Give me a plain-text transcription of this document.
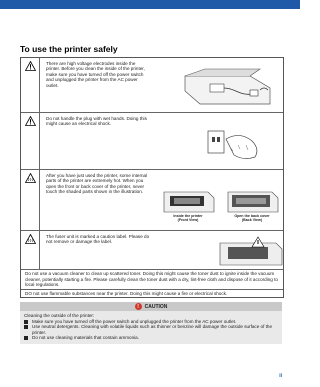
To use the printer safely
There are high voltage electrodes inside the printer. Before you clean the inside of the printer, make sure you have turned off the power switch and unplugged the printer from the AC power outlet.
Do not handle the plug with wet hands. Doing this might cause an electrical shock.
After you have just used the printer, some internal parts of the printer are extremely hot. When you open the front or back cover of the printer, never touch the shaded parts shown in the illustration.
Inside the printer
(Front View)
Open the back cover
(Back View)
The fuser unit is marked a caution label. Please do not remove or damage the label.
Do not use a vacuum cleaner to clean up scattered toner. Doing this might cause the toner dust to ignite inside the vacuum cleaner, potentially starting a fire. Please carefully clean the toner dust with a dry, lint-free cloth and dispose of it according to local regulations.
DO not use flammable substances near the printer. Doing this might cause a fire or electrical shock.
!	CAUTION
Cleaning the outside of the printer:
Make sure you have turned off the power switch and unplugged the printer from the AC power outlet.
Use neutral detergents. Cleaning with volatile liquids such as thinner or benzine will damage the outside surface of the printer.
Do not use cleaning materials that contain ammonia.
ii
